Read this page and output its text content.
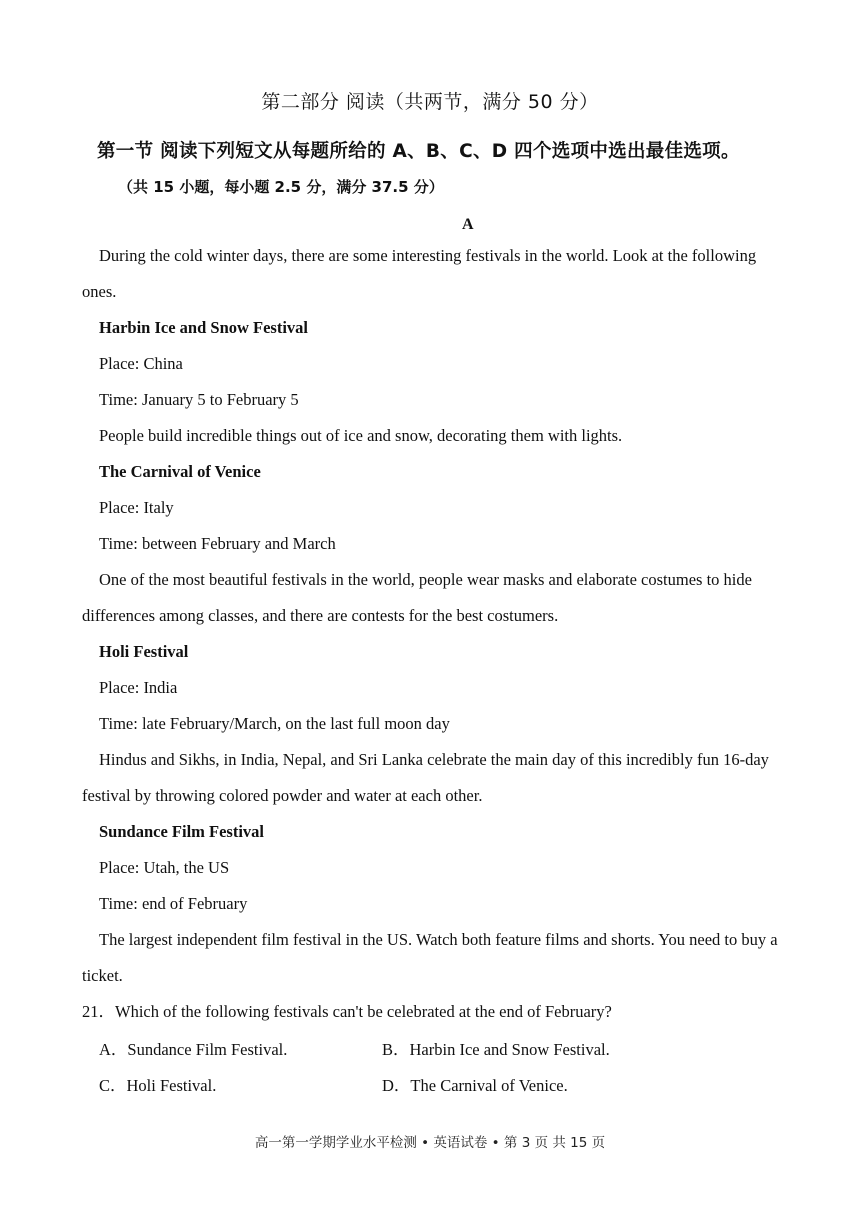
第二部分 阅读（共两节，满分 50 分）
第一节 阅读下列短文从每题所给的 A、B、C、D 四个选项中选出最佳选项。
（共 15 小题，每小题 2.5 分，满分 37.5 分）
A

During the cold winter days, there are some interesting festivals in the world. Look at the following ones.

Harbin Ice and Snow Festival

Place: China

Time: January 5 to February 5

People build incredible things out of ice and snow, decorating them with lights.

The Carnival of Venice

Place: Italy

Time: between February and March

One of the most beautiful festivals in the world, people wear masks and elaborate costumes to hide differences among classes, and there are contests for the best costumers.

Holi Festival

Place: India

Time: late February/March, on the last full moon day

Hindus and Sikhs, in India, Nepal, and Sri Lanka celebrate the main day of this incredibly fun 16-day festival by throwing colored powder and water at each other.

Sundance Film Festival

Place: Utah, the US

Time: end of February

The largest independent film festival in the US. Watch both feature films and shorts. You need to buy a ticket.

21．Which of the following festivals can't be celebrated at the end of February?

A．Sundance Film Festival.	B．Harbin Ice and Snow Festival.
C．Holi Festival.	D．The Carnival of Venice.
高一第一学期学业水平检测 • 英语试卷 • 第 3 页 共 15 页
